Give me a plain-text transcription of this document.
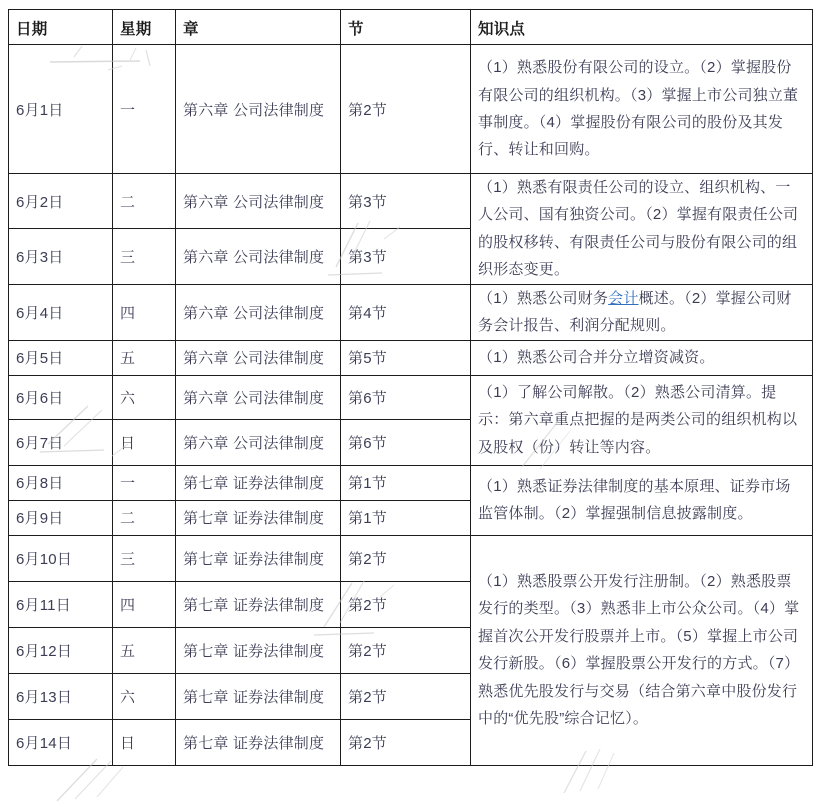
日期	星期	章	节	知识点
6月1日	一	第六章 公司法律制度	第2节	（1）熟悉股份有限公司的设立。（2）掌握股份有限公司的组织机构。（3）掌握上市公司独立董事制度。（4）掌握股份有限公司的股份及其发行、转让和回购。

6月2日	二	第六章 公司法律制度	第3节	（1）熟悉有限责任公司的设立、组织机构、一人公司、国有独资公司。（2）掌握有限责任公司的股权移转、有限责任公司与股份有限公司的组织形态变更。

6月3日	三	第六章 公司法律制度	第3节	
6月4日	四	第六章 公司法律制度	第4节	（1）熟悉公司财务会计概述。（2）掌握公司财务会计报告、利润分配规则。

6月5日	五	第六章 公司法律制度	第5节	（1）熟悉公司合并分立增资减资。

6月6日	六	第六章 公司法律制度	第6节	（1）了解公司解散。（2）熟悉公司清算。提示：第六章重点把握的是两类公司的组织机构以及股权（份）转让等内容。

6月7日	日	第六章 公司法律制度	第6节	
6月8日	一	第七章 证券法律制度	第1节	（1）熟悉证券法律制度的基本原理、证券市场监管体制。（2）掌握强制信息披露制度。

6月9日	二	第七章 证券法律制度	第1节	
6月10日	三	第七章 证券法律制度	第2节	（1）熟悉股票公开发行注册制。（2）熟悉股票发行的类型。（3）熟悉非上市公众公司。（4）掌握首次公开发行股票并上市。（5）掌握上市公司发行新股。（6）掌握股票公开发行的方式。（7）熟悉优先股发行与交易（结合第六章中股份发行中的“优先股”综合记忆）。

6月11日	四	第七章 证券法律制度	第2节	
6月12日	五	第七章 证券法律制度	第2节	
6月13日	六	第七章 证券法律制度	第2节	
6月14日	日	第七章 证券法律制度	第2节	
